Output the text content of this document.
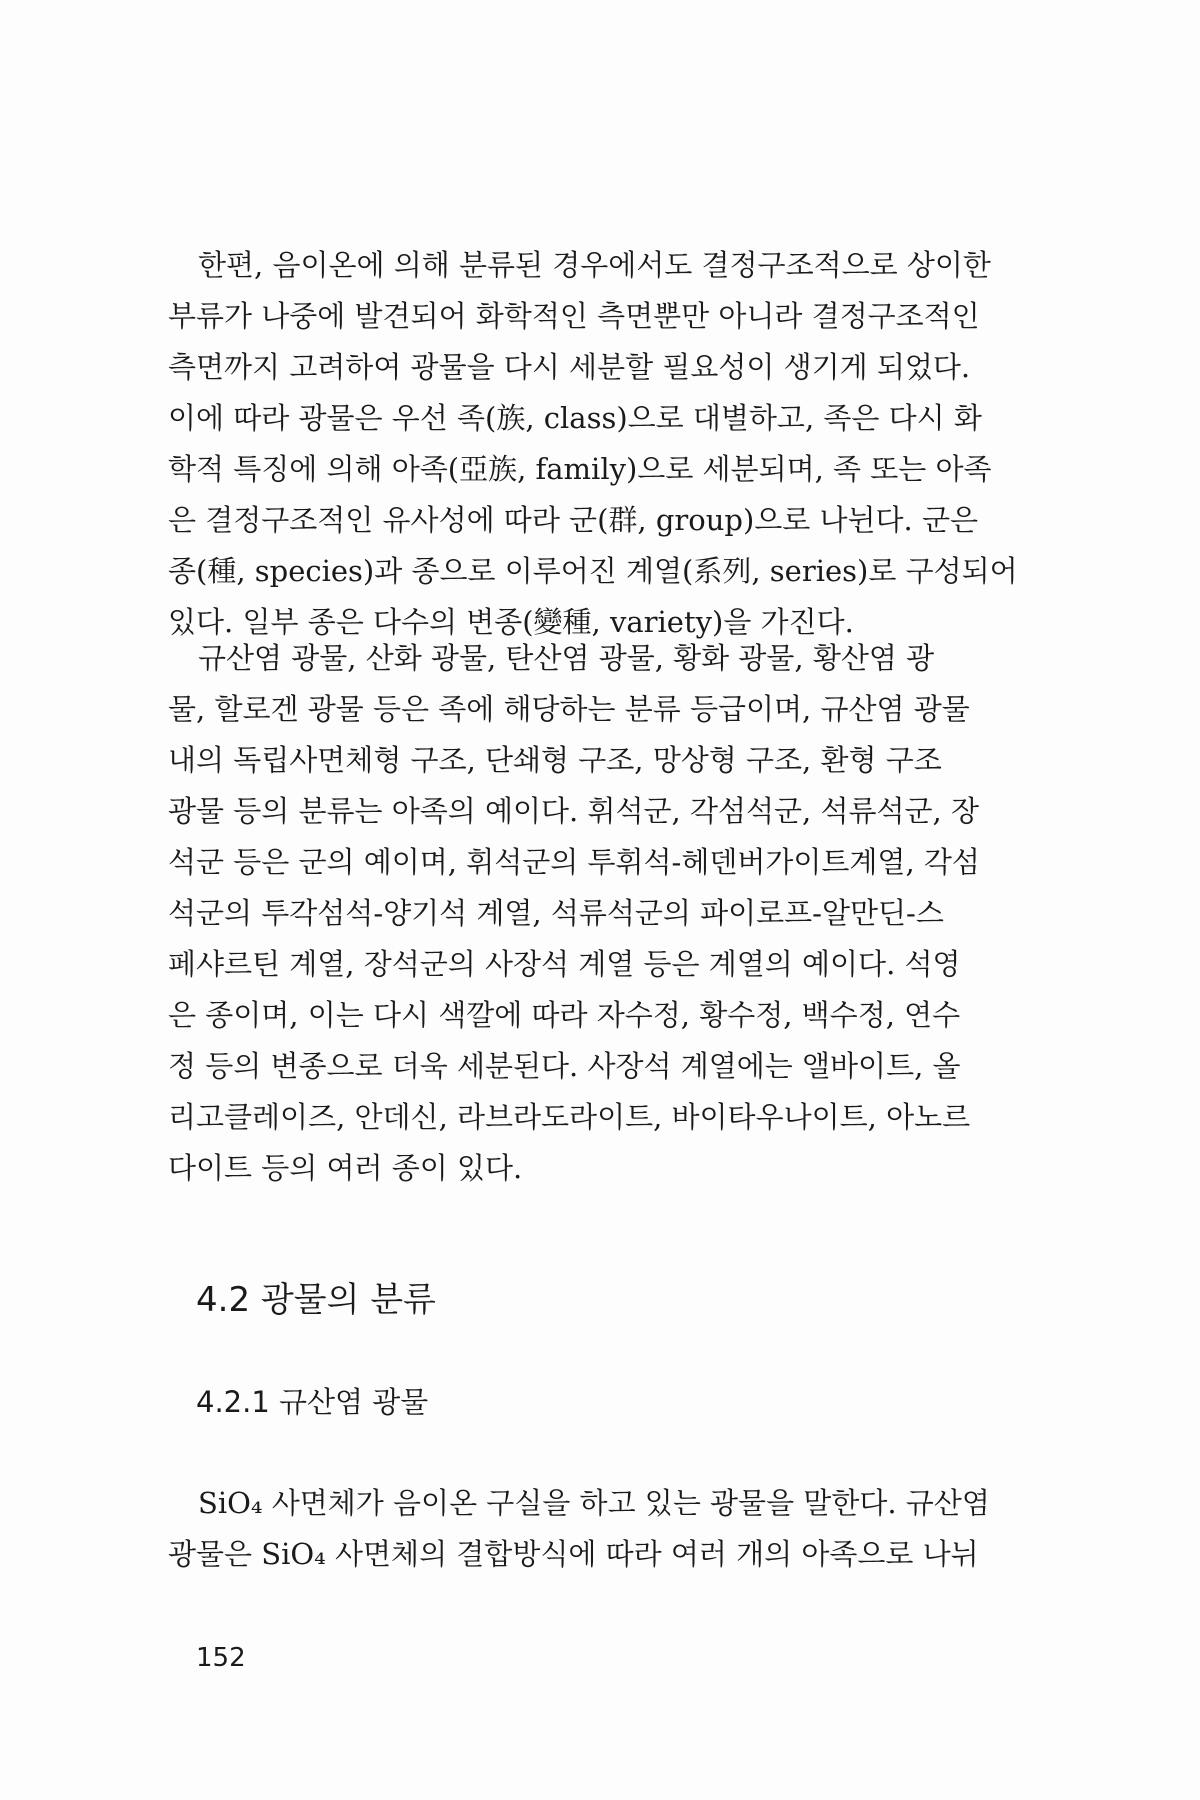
한편, 음이온에 의해 분류된 경우에서도 결정구조적으로 상이한
부류가 나중에 발견되어 화학적인 측면뿐만 아니라 결정구조적인
측면까지 고려하여 광물을 다시 세분할 필요성이 생기게 되었다.
이에 따라 광물은 우선 족(族, class)으로 대별하고, 족은 다시 화
학적 특징에 의해 아족(亞族, family)으로 세분되며, 족 또는 아족
은 결정구조적인 유사성에 따라 군(群, group)으로 나뉜다. 군은
종(種, species)과 종으로 이루어진 계열(系列, series)로 구성되어
있다. 일부 종은 다수의 변종(變種, variety)을 가진다.
규산염 광물, 산화 광물, 탄산염 광물, 황화 광물, 황산염 광
물, 할로겐 광물 등은 족에 해당하는 분류 등급이며, 규산염 광물
내의 독립사면체형 구조, 단쇄형 구조, 망상형 구조, 환형 구조
광물 등의 분류는 아족의 예이다. 휘석군, 각섬석군, 석류석군, 장
석군 등은 군의 예이며, 휘석군의 투휘석-헤덴버가이트계열, 각섬
석군의 투각섬석-양기석 계열, 석류석군의 파이로프-알만딘-스
페샤르틴 계열, 장석군의 사장석 계열 등은 계열의 예이다. 석영
은 종이며, 이는 다시 색깔에 따라 자수정, 황수정, 백수정, 연수
정 등의 변종으로 더욱 세분된다. 사장석 계열에는 앨바이트, 올
리고클레이즈, 안데신, 라브라도라이트, 바이타우나이트, 아노르
다이트 등의 여러 종이 있다.
4.2 광물의 분류
4.2.1 규산염 광물
SiO₄ 사면체가 음이온 구실을 하고 있는 광물을 말한다. 규산염
광물은 SiO₄ 사면체의 결합방식에 따라 여러 개의 아족으로 나뉘
152
